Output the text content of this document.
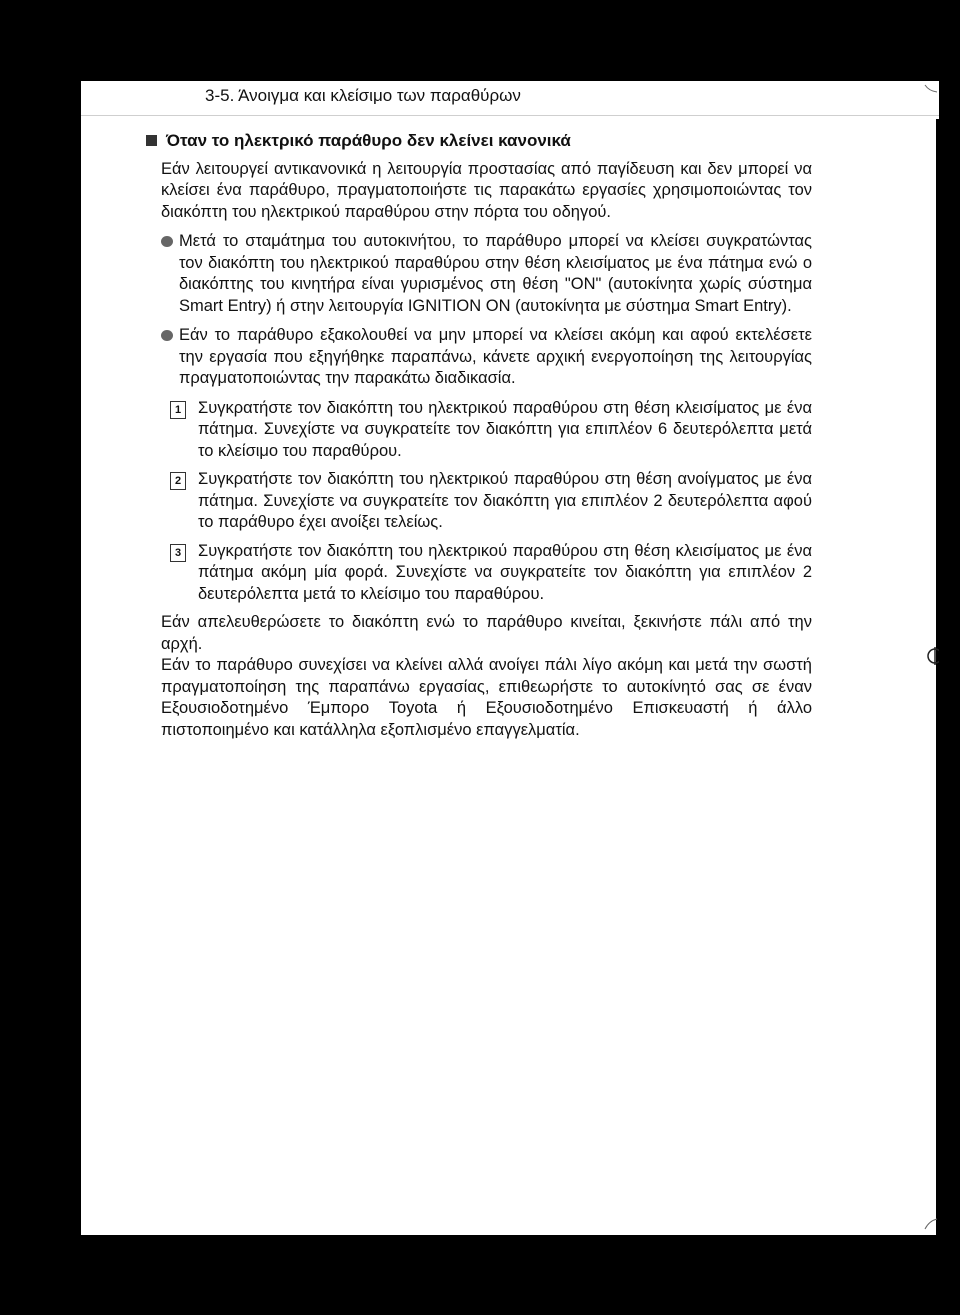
3-5. Άνοιγμα και κλείσιμο των παραθύρων
Όταν το ηλεκτρικό παράθυρο δεν κλείνει κανονικά

Εάν λειτουργεί αντικανονικά η λειτουργία προστασίας από παγίδευση και δεν μπορεί να κλείσει ένα παράθυρο, πραγματοποιήστε τις παρακάτω εργασίες χρησιμοποιώντας τον διακόπτη του ηλεκτρικού παραθύρου στην πόρτα του οδηγού.

Μετά το σταμάτημα του αυτοκινήτου, το παράθυρο μπορεί να κλείσει συγκρατώντας τον διακόπτη του ηλεκτρικού παραθύρου στην θέση κλεισίματος με ένα πάτημα ενώ ο διακόπτης του κινητήρα είναι γυρισμένος στη θέση "ON" (αυτοκίνητα χωρίς σύστημα Smart Entry) ή στην λειτουργία IGNITION ON (αυτοκίνητα με σύστημα Smart Entry).
Εάν το παράθυρο εξακολουθεί να μην μπορεί να κλείσει ακόμη και αφού εκτελέσετε την εργασία που εξηγήθηκε παραπάνω, κάνετε αρχική ενεργοποίηση της λειτουργίας πραγματοποιώντας την παρακάτω διαδικασία.
1 Συγκρατήστε τον διακόπτη του ηλεκτρικού παραθύρου στη θέση κλεισίματος με ένα πάτημα. Συνεχίστε να συγκρατείτε τον διακόπτη για επιπλέον 6 δευτερόλεπτα μετά το κλείσιμο του παραθύρου.
2 Συγκρατήστε τον διακόπτη του ηλεκτρικού παραθύρου στη θέση ανοίγματος με ένα πάτημα. Συνεχίστε να συγκρατείτε τον διακόπτη για επιπλέον 2 δευτερόλεπτα αφού το παράθυρο έχει ανοίξει τελείως.
3 Συγκρατήστε τον διακόπτη του ηλεκτρικού παραθύρου στη θέση κλεισίματος με ένα πάτημα ακόμη μία φορά. Συνεχίστε να συγκρατείτε τον διακόπτη για επιπλέον 2 δευτερόλεπτα μετά το κλείσιμο του παραθύρου.

Εάν απελευθερώσετε το διακόπτη ενώ το παράθυρο κινείται, ξεκινήστε πάλι από την αρχή.

Εάν το παράθυρο συνεχίσει να κλείνει αλλά ανοίγει πάλι λίγο ακόμη και μετά την σωστή πραγματοποίηση της παραπάνω εργασίας, επιθεωρήστε το αυτοκίνητό σας σε έναν Εξουσιοδοτημένο Έμπορο Toyota ή Εξουσιοδοτημένο Επισκευαστή ή άλλο πιστοποιημένο και κατάλληλα εξοπλισμένο επαγγελματία.
